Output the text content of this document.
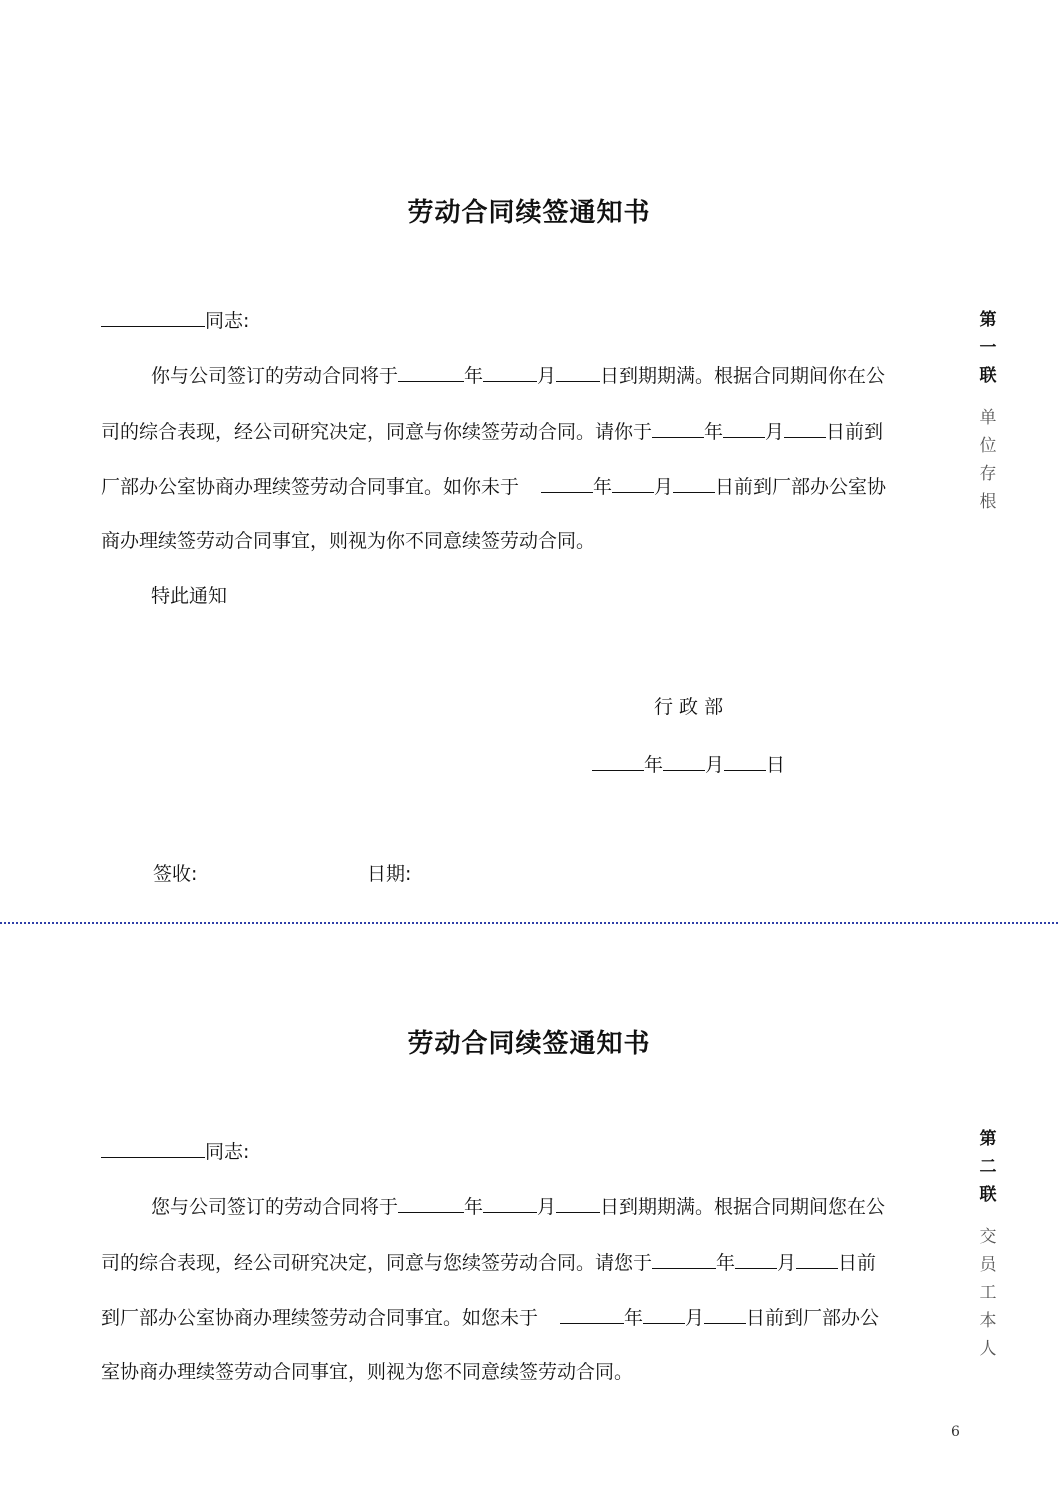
劳动合同续签通知书
同志:
你与公司签订的劳动合同将于	年	月 日到期期满。根据合同期间你在公
司的综合表现，经公司研究决定，同意与你续签劳动合同。请你于	年 月 日前到
厂部办公室协商办理续签劳动合同事宜。如你未于	年 月 日前到厂部办公室协
商办理续签劳动合同事宜，则视为你不同意续签劳动合同。
特此通知
行 政 部
年 月 日
签收:	日期:
第
一
联
单
位
存
根
劳动合同续签通知书
同志:
您与公司签订的劳动合同将于	年	月 日到期期满。根据合同期间您在公
司的综合表现，经公司研究决定，同意与您续签劳动合同。请您于	年 月 日前
到厂部办公室协商办理续签劳动合同事宜。如您未于	年 月 日前到厂部办公
室协商办理续签劳动合同事宜，则视为您不同意续签劳动合同。
第
二
联
交
员
工
本
人
6
